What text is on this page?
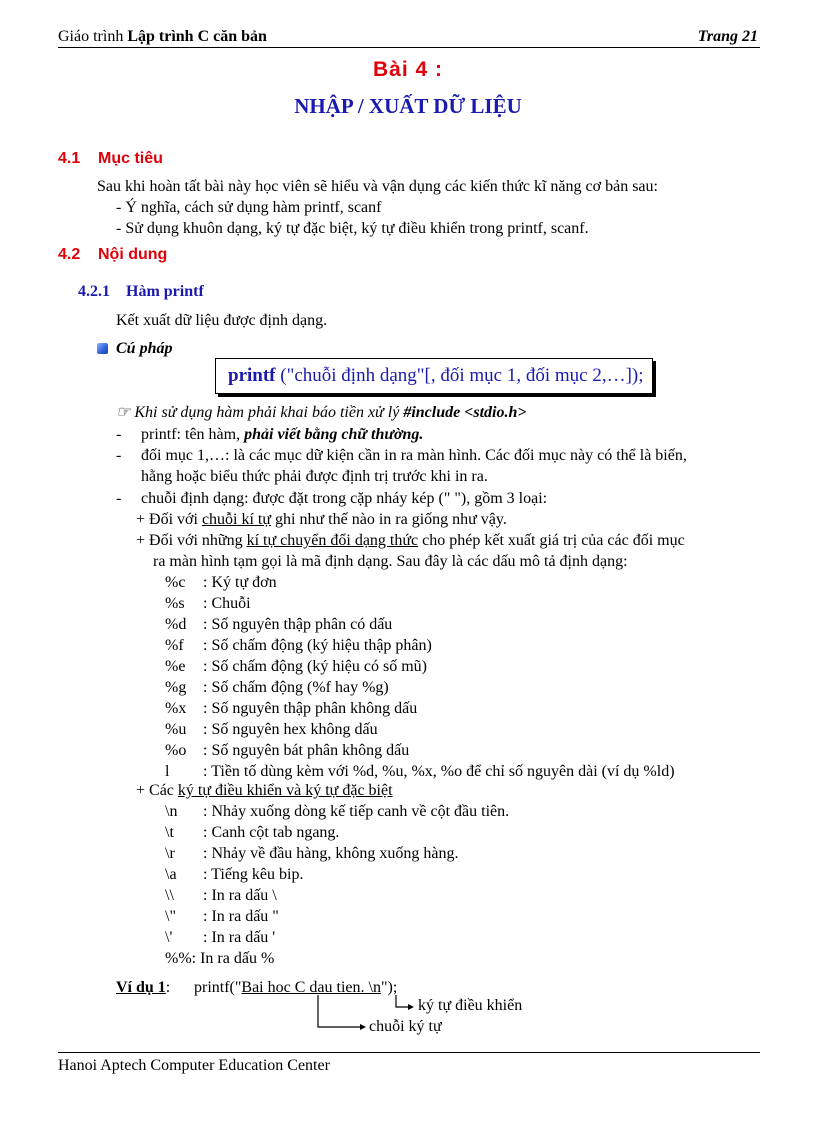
Giáo trình Lập trình C căn bản	Trang 21
Bài 4 :
NHẬP / XUẤT DỮ LIỆU
4.1 Mục tiêu
Sau khi hoàn tất bài này học viên sẽ hiểu và vận dụng các kiến thức kĩ năng cơ bản sau:
- Ý nghĩa, cách sử dụng hàm printf, scanf
- Sử dụng khuôn dạng, ký tự đặc biệt, ký tự điều khiển trong printf, scanf.
4.2 Nội dung
4.2.1 Hàm printf
Kết xuất dữ liệu được định dạng.
Cú pháp
printf ("chuỗi định dạng"[, đối mục 1, đối mục 2,…]);
☞ Khi sử dụng hàm phải khai báo tiền xử lý #include <stdio.h>
- printf: tên hàm, phải viết bằng chữ thường.
- đối mục 1,…: là các mục dữ kiện cần in ra màn hình. Các đối mục này có thể là biến,
hằng hoặc biểu thức phải được định trị trước khi in ra.
- chuỗi định dạng: được đặt trong cặp nháy kép (" "), gồm 3 loại:
+ Đối với chuỗi kí tự ghi như thế nào in ra giống như vậy.
+ Đối với những kí tự chuyển đổi dạng thức cho phép kết xuất giá trị của các đối mục
ra màn hình tạm gọi là mã định dạng. Sau đây là các dấu mô tả định dạng:
%c : Ký tự đơn
%s : Chuỗi
%d : Số nguyên thập phân có dấu
%f : Số chấm động (ký hiệu thập phân)
%e : Số chấm động (ký hiệu có số mũ)
%g : Số chấm động (%f hay %g)
%x : Số nguyên thập phân không dấu
%u : Số nguyên hex không dấu
%o : Số nguyên bát phân không dấu
l : Tiền tố dùng kèm với %d, %u, %x, %o để chỉ số nguyên dài (ví dụ %ld)
+ Các ký tự điều khiển và ký tự đặc biệt
\n : Nhảy xuống dòng kế tiếp canh về cột đầu tiên.
\t : Canh cột tab ngang.
\r : Nhảy về đầu hàng, không xuống hàng.
\a : Tiếng kêu bip.
\\ : In ra dấu \
\" : In ra dấu "
\' : In ra dấu '
%%: In ra dấu %
Ví dụ 1: printf("Bai hoc C dau tien. \n");
ký tự điều khiển
chuỗi ký tự
Hanoi Aptech Computer Education Center
